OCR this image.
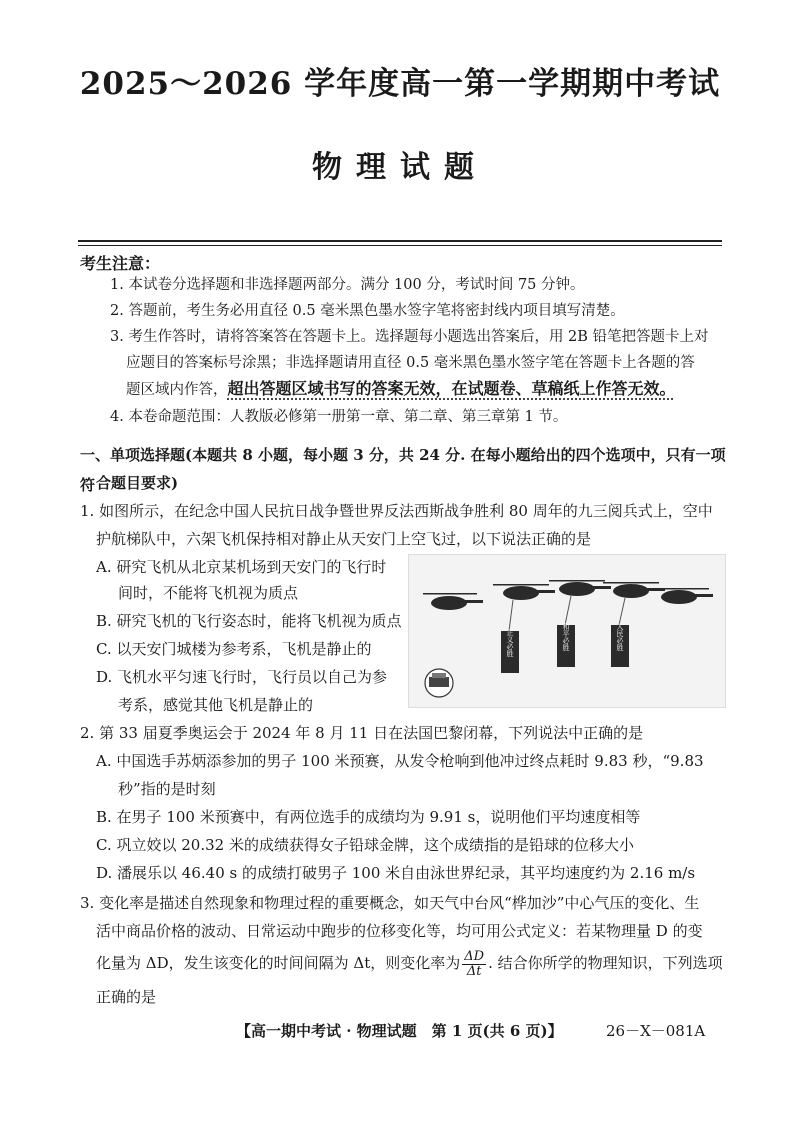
2025～2026 学年度高一第一学期期中考试
物理试题
考生注意：
1. 本试卷分选择题和非选择题两部分。满分 100 分，考试时间 75 分钟。
2. 答题前，考生务必用直径 0.5 毫米黑色墨水签字笔将密封线内项目填写清楚。
3. 考生作答时，请将答案答在答题卡上。选择题每小题选出答案后，用 2B 铅笔把答题卡上对
应题目的答案标号涂黑；非选择题请用直径 0.5 毫米黑色墨水签字笔在答题卡上各题的答
题区域内作答，超出答题区域书写的答案无效，在试题卷、草稿纸上作答无效。
4. 本卷命题范围：人教版必修第一册第一章、第二章、第三章第 1 节。
一、单项选择题(本题共 8 小题，每小题 3 分，共 24 分. 在每小题给出的四个选项中，只有一项符 合题目要求)
1. 如图所示，在纪念中国人民抗日战争暨世界反法西斯战争胜利 80 周年的九三阅兵式上，空中
护航梯队中，六架飞机保持相对静止从天安门上空飞过，以下说法正确的是
A. 研究飞机从北京某机场到天安门的飞行时
间时，不能将飞机视为质点
B. 研究飞机的飞行姿态时，能将飞机视为质点
C. 以天安门城楼为参考系，飞机是静止的
D. 飞机水平匀速飞行时，飞行员以自己为参
考系，感觉其他飞机是静止的
正义必胜	和平必胜	人民必胜
2. 第 33 届夏季奥运会于 2024 年 8 月 11 日在法国巴黎闭幕，下列说法中正确的是
A. 中国选手苏炳添参加的男子 100 米预赛，从发令枪响到他冲过终点耗时 9.83 秒，“9.83
秒”指的是时刻
B. 在男子 100 米预赛中，有两位选手的成绩均为 9.91 s，说明他们平均速度相等
C. 巩立姣以 20.32 米的成绩获得女子铅球金牌，这个成绩指的是铅球的位移大小
D. 潘展乐以 46.40 s 的成绩打破男子 100 米自由泳世界纪录，其平均速度约为 2.16 m/s
3. 变化率是描述自然现象和物理过程的重要概念，如天气中台风“桦加沙”中心气压的变化、生
活中商品价格的波动、日常运动中跑步的位移变化等，均可用公式定义：若某物理量 D 的变
化量为 ΔD，发生该变化的时间间隔为 Δt，则变化率为 $\frac{\Delta D}{\Delta t}$ . 结合你所学的物理知识，下列选项
正确的是
【高一期中考试 · 物理试题　第 1 页(共 6 页)】	26－X－081A
